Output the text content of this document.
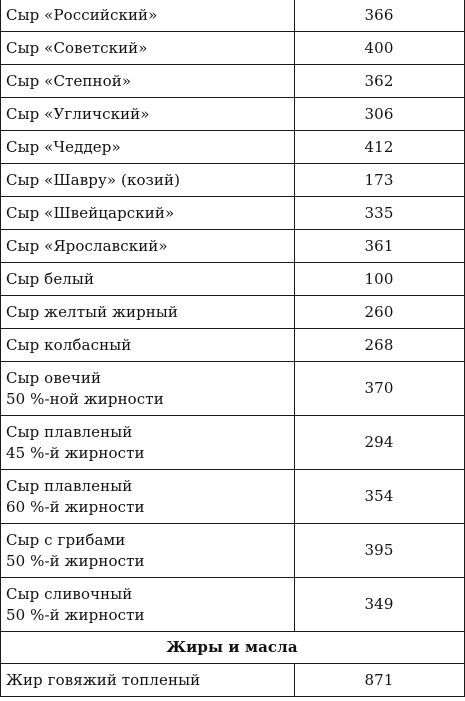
Сыр «Российский»	366
Сыр «Советский»	400
Сыр «Степной»	362
Сыр «Угличский»	306
Сыр «Чеддер»	412
Сыр «Шавру» (козий)	173
Сыр «Швейцарский»	335
Сыр «Ярославский»	361
Сыр белый	100
Сыр желтый жирный	260
Сыр колбасный	268

Сыр овечий
50 %-ной жирности	370

Сыр плавленый
45 %-й жирности	294

Сыр плавленый
60 %-й жирности	354

Сыр с грибами
50 %-й жирности	395

Сыр сливочный
50 %-й жирности	349
Жиры и масла	
Жир говяжий топленый	871
